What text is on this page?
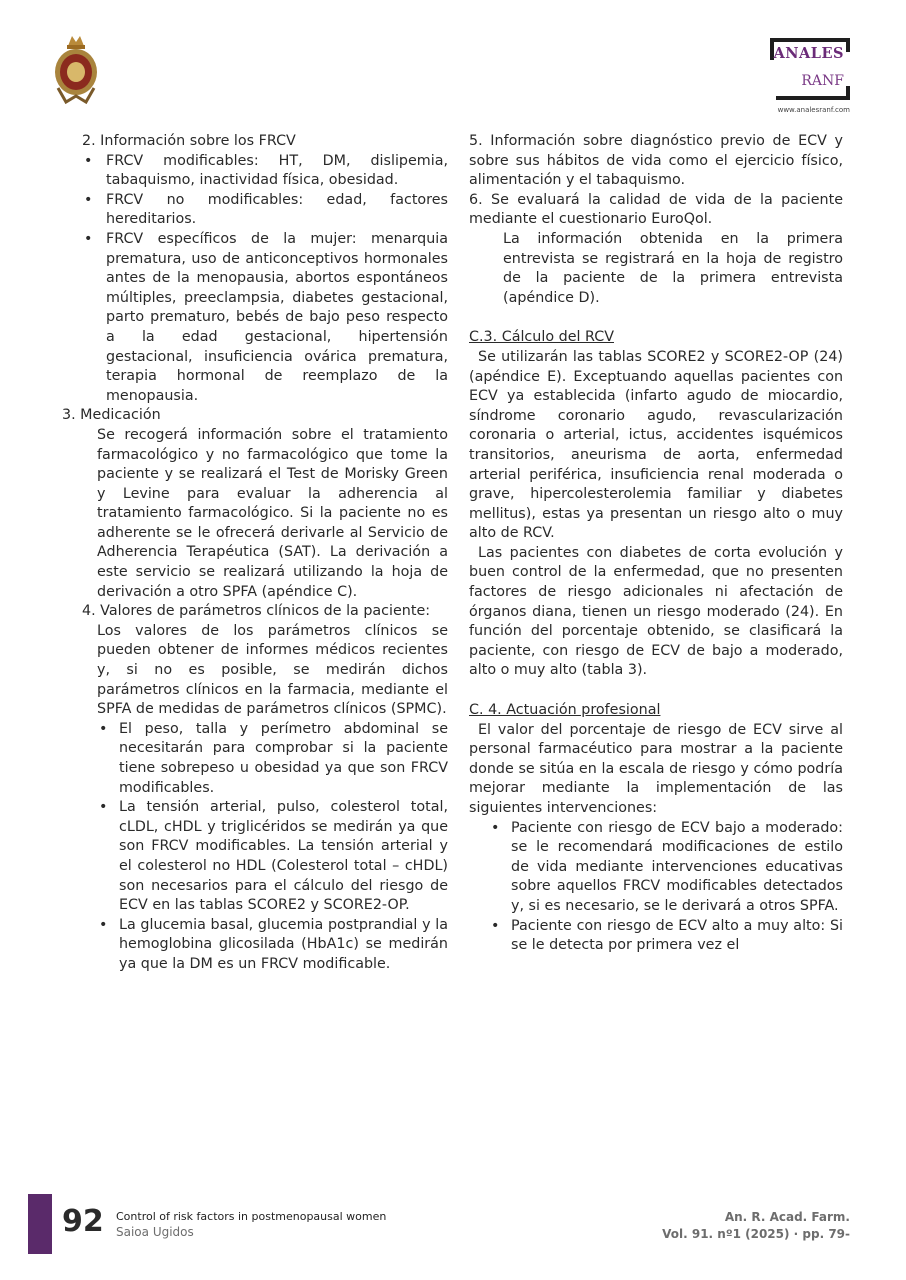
ANALES
RANF
www.analesranf.com

2. Información sobre los FRCV

• FRCV modificables: HT, DM, dislipemia, tabaquismo, inactividad física, obesidad.
• FRCV no modificables: edad, factores hereditarios.
• FRCV específicos de la mujer: menarquia prematura, uso de anticonceptivos hormonales antes de la menopausia, abortos espontáneos múltiples, preeclampsia, diabetes gestacional, parto prematuro, bebés de bajo peso respecto a la edad gestacional, hipertensión gestacional, insuficiencia ovárica prematura, terapia hormonal de reemplazo de la menopausia.

3. Medicación

Se recogerá información sobre el tratamiento farmacológico y no farmacológico que tome la paciente y se realizará el Test de Morisky Green y Levine para evaluar la adherencia al tratamiento farmacológico. Si la paciente no es adherente se le ofrecerá derivarle al Servicio de Adherencia Terapéutica (SAT). La derivación a este servicio se realizará utilizando la hoja de derivación a otro SPFA (apéndice C).

4. Valores de parámetros clínicos de la paciente:

Los valores de los parámetros clínicos se pueden obtener de informes médicos recientes y, si no es posible, se medirán dichos parámetros clínicos en la farmacia, mediante el SPFA de medidas de parámetros clínicos (SPMC).

• El peso, talla y perímetro abdominal se necesitarán para comprobar si la paciente tiene sobrepeso u obesidad ya que son FRCV modificables.
• La tensión arterial, pulso, colesterol total, cLDL, cHDL y triglicéridos se medirán ya que son FRCV modificables. La tensión arterial y el colesterol no HDL (Colesterol total – cHDL) son necesarios para el cálculo del riesgo de ECV en las tablas SCORE2 y SCORE2-OP.
• La glucemia basal, glucemia postprandial y la hemoglobina glicosilada (HbA1c) se medirán ya que la DM es un FRCV modificable.

5. Información sobre diagnóstico previo de ECV y sobre sus hábitos de vida como el ejercicio físico, alimentación y el tabaquismo.

6. Se evaluará la calidad de vida de la paciente mediante el cuestionario EuroQol.

La información obtenida en la primera entrevista se registrará en la hoja de registro de la paciente de la primera entrevista (apéndice D).

C.3. Cálculo del RCV

Se utilizarán las tablas SCORE2 y SCORE2-OP (24) (apéndice E). Exceptuando aquellas pacientes con ECV ya establecida (infarto agudo de miocardio, síndrome coronario agudo, revascularización coronaria o arterial, ictus, accidentes isquémicos transitorios, aneurisma de aorta, enfermedad arterial periférica, insuficiencia renal moderada o grave, hipercolesterolemia familiar y diabetes mellitus), estas ya presentan un riesgo alto o muy alto de RCV.

Las pacientes con diabetes de corta evolución y buen control de la enfermedad, que no presenten factores de riesgo adicionales ni afectación de órganos diana, tienen un riesgo moderado (24). En función del porcentaje obtenido, se clasificará la paciente, con riesgo de ECV de bajo a moderado, alto o muy alto (tabla 3).

C. 4. Actuación profesional

El valor del porcentaje de riesgo de ECV sirve al personal farmacéutico para mostrar a la paciente donde se sitúa en la escala de riesgo y cómo podría mejorar mediante la implementación de las siguientes intervenciones:

• Paciente con riesgo de ECV bajo a moderado: se le recomendará modificaciones de estilo de vida mediante intervenciones educativas sobre aquellos FRCV modificables detectados y, si es necesario, se le derivará a otros SPFA.
• Paciente con riesgo de ECV alto a muy alto: Si se le detecta por primera vez el
92 Control of risk factors in postmenopausal women
Saioa Ugidos
An. R. Acad. Farm.
Vol. 91. nº1 (2025) · pp. 79-
